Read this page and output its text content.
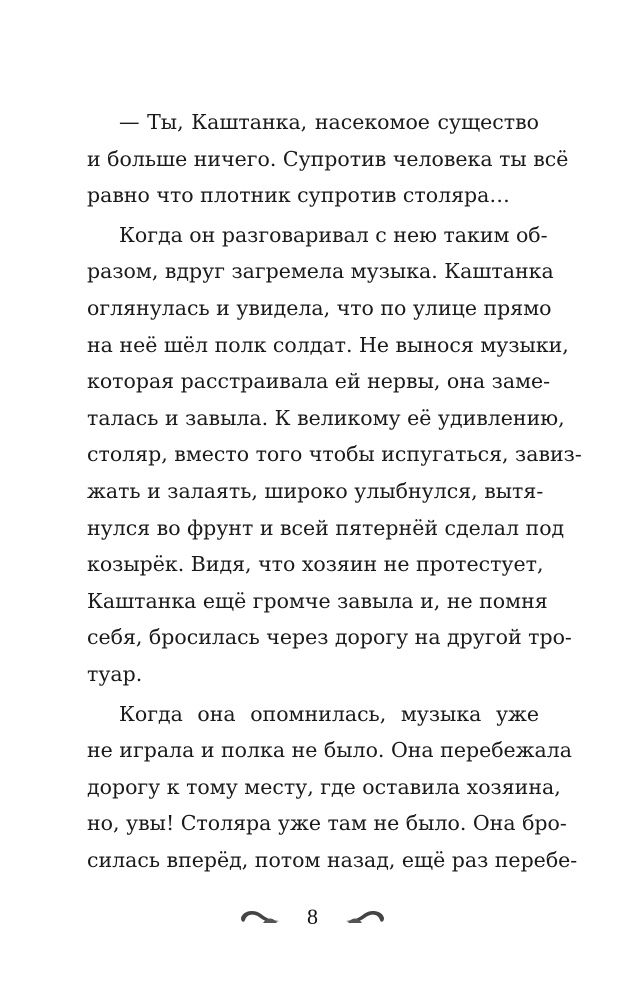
— Ты, Каштанка, насекомое существо
и больше ничего. Супротив человека ты всё
равно что плотник супротив столяра…
Когда он разговаривал с нею таким об-
разом, вдруг загремела музыка. Каштанка
оглянулась и увидела, что по улице прямо
на неё шёл полк солдат. Не вынося музыки,
которая расстраивала ей нервы, она заме-
талась и завыла. К великому её удивлению,
столяр, вместо того чтобы испугаться, завиз-
жать и залаять, широко улыбнулся, вытя-
нулся во фрунт и всей пятернёй сделал под
козырёк. Видя, что хозяин не протестует,
Каштанка ещё громче завыла и, не помня
себя, бросилась через дорогу на другой тро-
туар.
Когда она опомнилась, музыка уже
не играла и полка не было. Она перебежала
дорогу к тому месту, где оставила хозяина,
но, увы! Столяра уже там не было. Она бро-
силась вперёд, потом назад, ещё раз перебе-
8
